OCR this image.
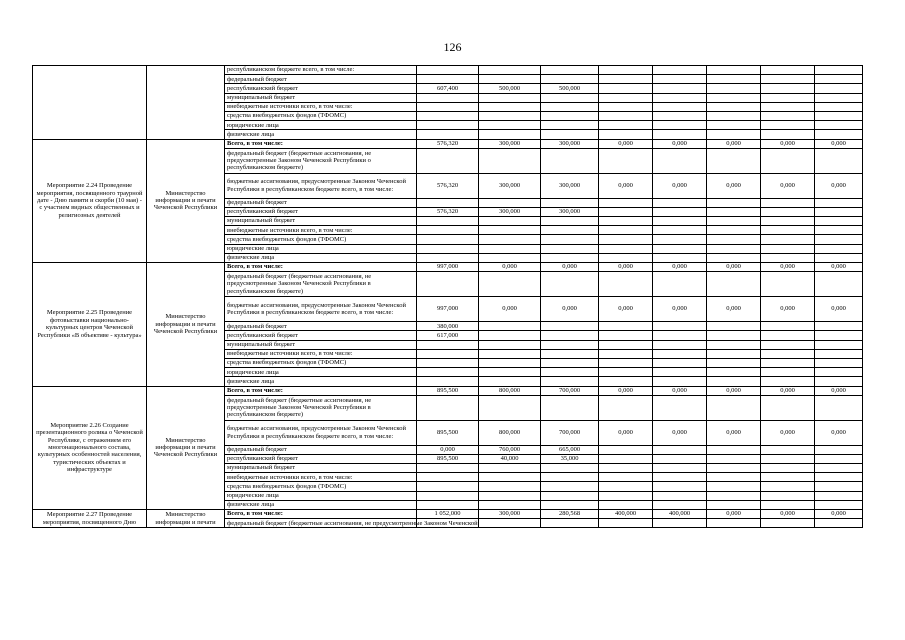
126
		республиканском бюджете всего, в том числе:								
		федеральный бюджет								
		республиканский бюджет	607,400	500,000	500,000					
		муниципальный бюджет								
		внебюджетные источники всего, в том числе:								
		средства внебюджетных фондов (ТФОМС)								
		юридические лица								
		физические лица								
Мероприятие 2.24 Проведение мероприятия, посвященного траурной дате - Дню памяти и скорби (10 мая) - с участием видных общественных и религиозных деятелей	Министерство информации и печати Чеченской Республики	Всего, в том числе:	576,320	300,000	300,000	0,000	0,000	0,000	0,000	0,000
		федеральный бюджет (бюджетные ассигнования, не предусмотренные Законом Чеченской Республики о республиканском бюджете)								
		бюджетные ассигнования, предусмотренные Законом Чеченской Республики в республиканском бюджете всего, в том числе:	576,320	300,000	300,000	0,000	0,000	0,000	0,000	0,000
		федеральный бюджет								
		республиканский бюджет	576,320	300,000	300,000					
		муниципальный бюджет								
		внебюджетные источники всего, в том числе:								
		средства внебюджетных фондов (ТФОМС)								
		юридические лица								
		физические лица								
Мероприятие 2.25 Проведение фотовыставки национально-культурных центров Чеченской Республики «В объективе - культура»	Министерство информации и печати Чеченской Республики	Всего, в том числе:	997,000	0,000	0,000	0,000	0,000	0,000	0,000	0,000
		федеральный бюджет (бюджетные ассигнования, не предусмотренные Законом Чеченской Республики в республиканском бюджете)								
		бюджетные ассигнования, предусмотренные Законом Чеченской Республики в республиканском бюджете всего, в том числе:	997,000	0,000	0,000	0,000	0,000	0,000	0,000	0,000
		федеральный бюджет	380,000							
		республиканский бюджет	617,000							
		муниципальный бюджет								
		внебюджетные источники всего, в том числе:								
		средства внебюджетных фондов (ТФОМС)								
		юридические лица								
		физические лица								
Мероприятие 2.26 Создание презентационного ролика о Чеченской Республике, с отражением его многонационального состава, культурных особенностей населения, туристических объектах и инфраструктуре	Министерство информации и печати Чеченской Республики	Всего, в том числе:	895,500	800,000	700,000	0,000	0,000	0,000	0,000	0,000
		федеральный бюджет (бюджетные ассигнования, не предусмотренные Законом Чеченской Республики в республиканском бюджете)								
		бюджетные ассигнования, предусмотренные Законом Чеченской Республики в республиканском бюджете всего, в том числе:	895,500	800,000	700,000	0,000	0,000	0,000	0,000	0,000
		федеральный бюджет	0,000	760,000	665,000					
		республиканский бюджет	895,500	40,000	35,000					
		муниципальный бюджет								
		внебюджетные источники всего, в том числе:								
		средства внебюджетных фондов (ТФОМС)								
		юридические лица								
		физические лица								
Мероприятие 2.27 Проведение мероприятия, посвященного Дню	Министерство информации и печати	Всего, в том числе:	1 052,000	300,000	280,568	400,000	400,000	0,000	0,000	0,000
		федеральный бюджет (бюджетные ассигнования, не предусмотренные Законом Чеченской								
